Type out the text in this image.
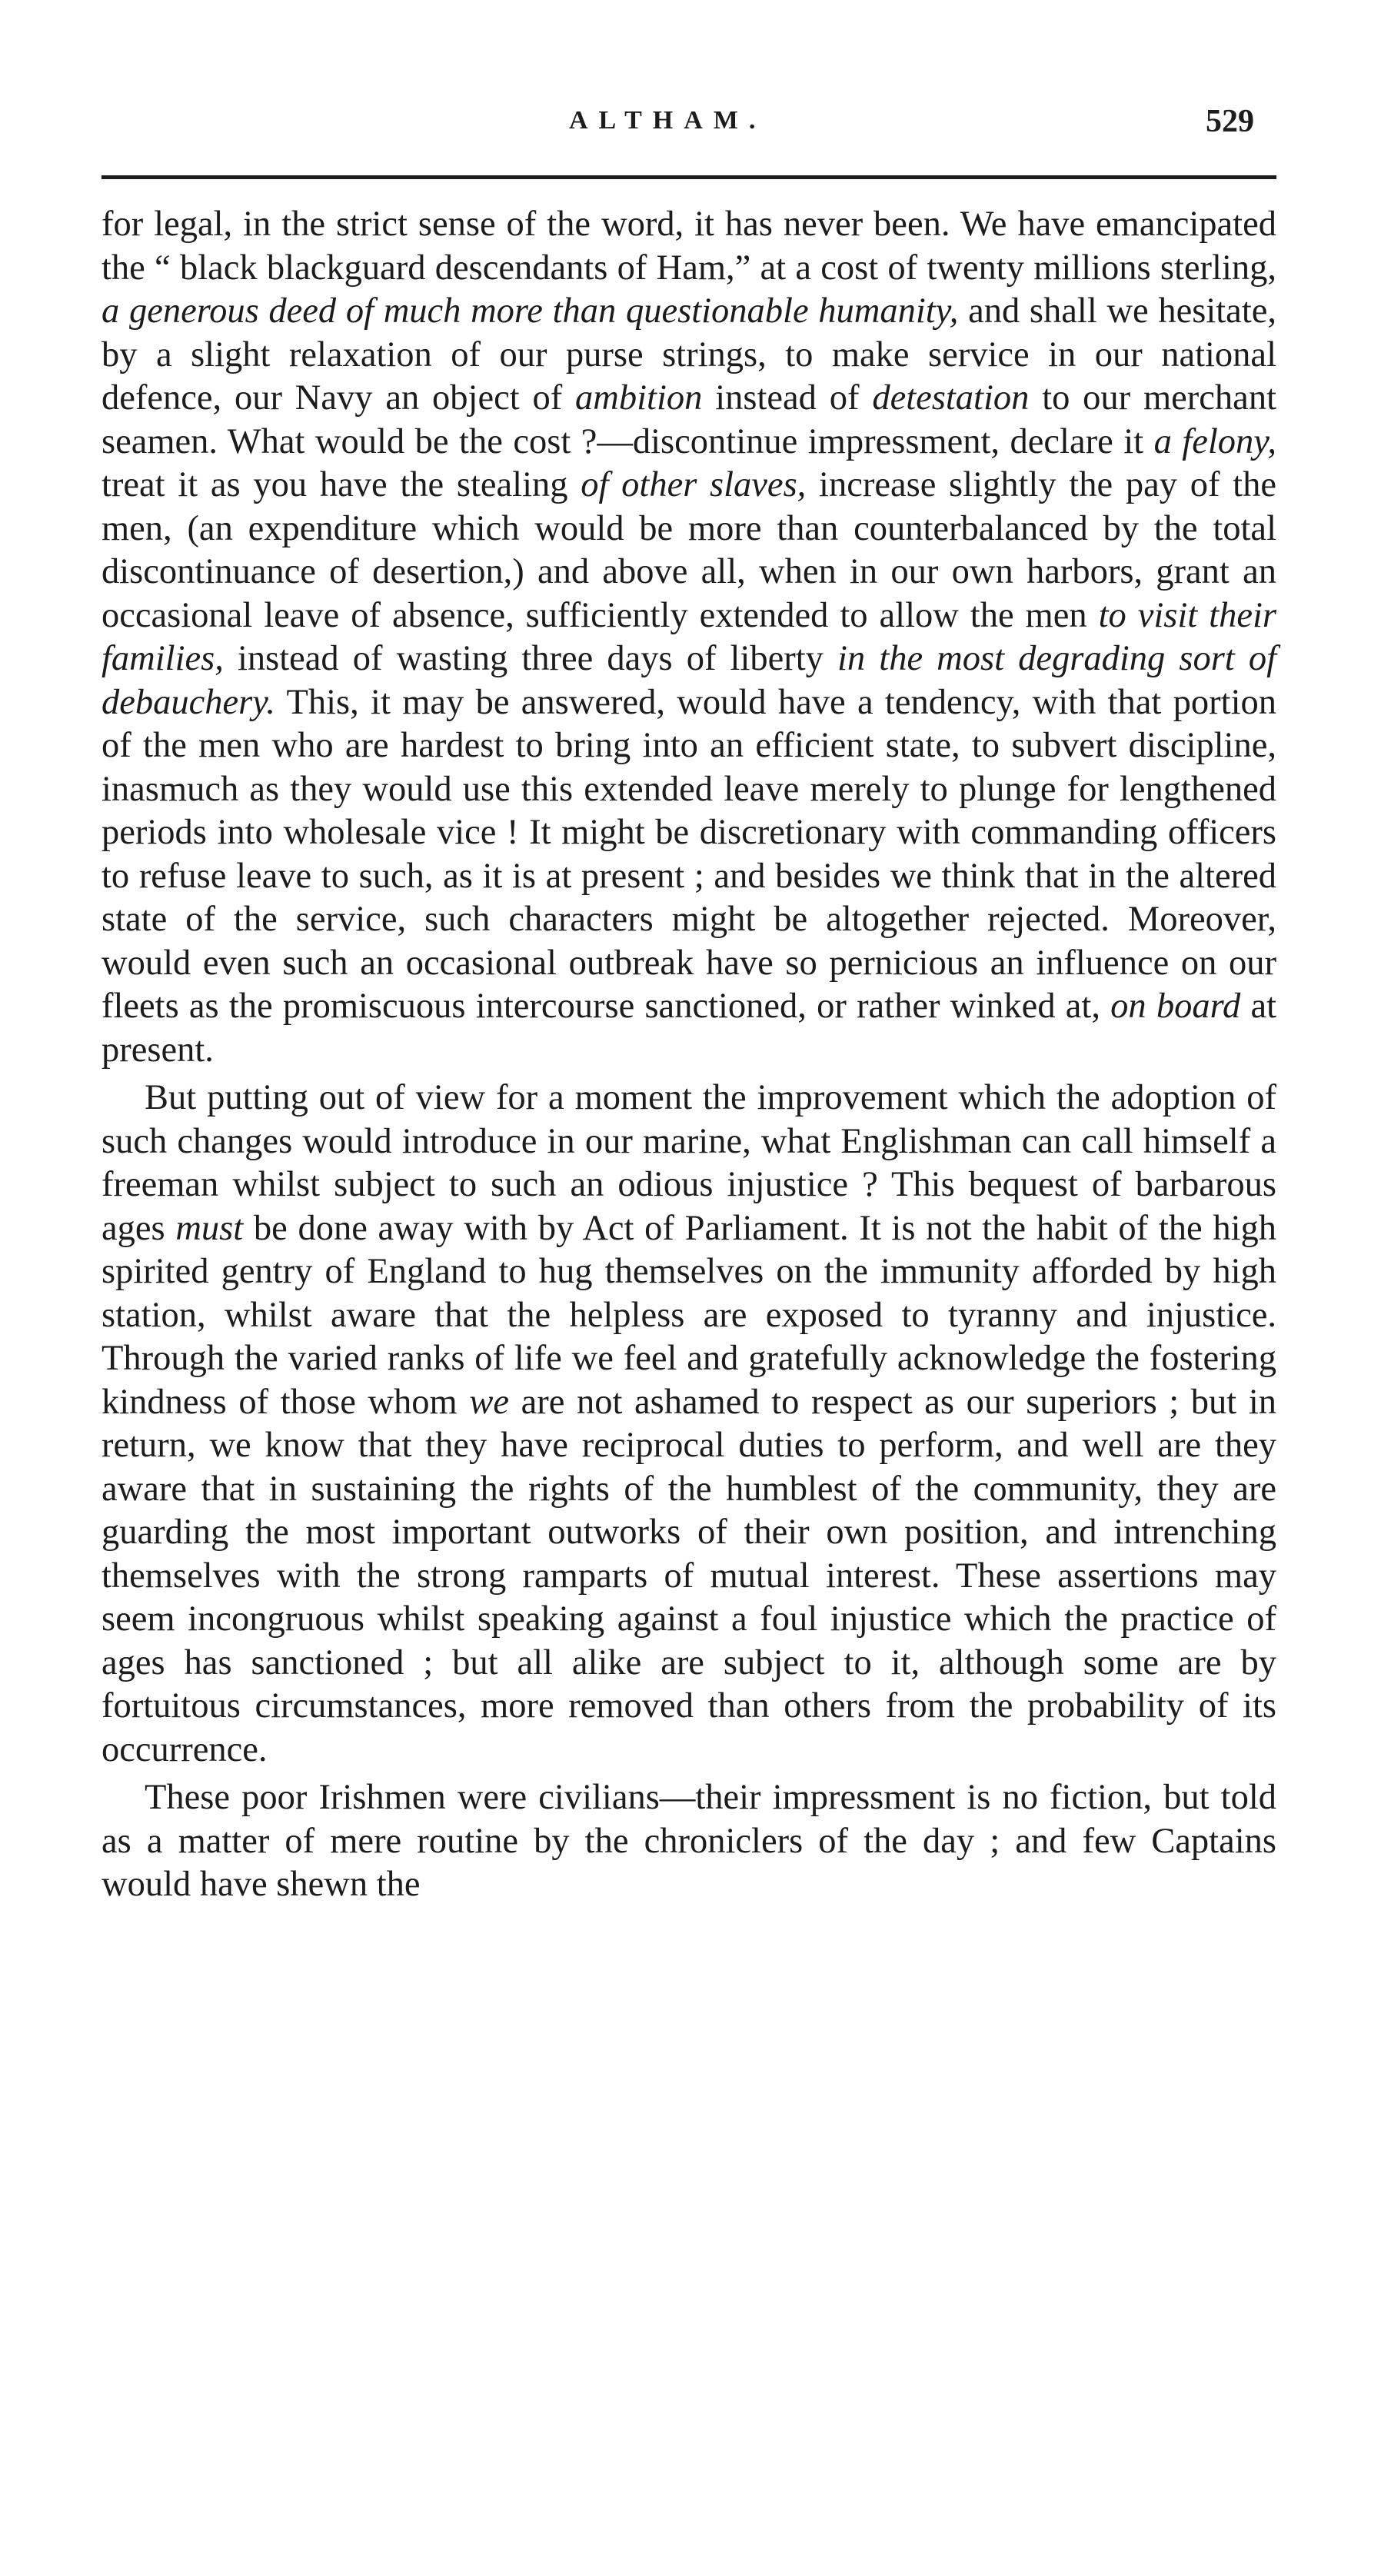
ALTHAM.	529

for legal, in the strict sense of the word, it has never been. We have emancipated the “ black blackguard descendants of Ham,” at a cost of twenty millions sterling, a generous deed of much more than questionable humanity, and shall we hesitate, by a slight relaxation of our purse strings, to make service in our national defence, our Navy an object of ambition instead of detestation to our merchant seamen. What would be the cost ?—discontinue impressment, declare it a felony, treat it as you have the stealing of other slaves, increase slightly the pay of the men, (an expenditure which would be more than counterbalanced by the total discontinuance of desertion,) and above all, when in our own harbors, grant an occasional leave of absence, sufficiently extended to allow the men to visit their families, instead of wasting three days of liberty in the most degrading sort of debauchery. This, it may be answered, would have a tendency, with that portion of the men who are hardest to bring into an efficient state, to subvert discipline, inasmuch as they would use this extended leave merely to plunge for lengthened periods into wholesale vice ! It might be discretionary with commanding officers to refuse leave to such, as it is at present ; and besides we think that in the altered state of the service, such characters might be altogether rejected. Moreover, would even such an occasional outbreak have so pernicious an influence on our fleets as the promiscuous intercourse sanctioned, or rather winked at, on board at present.

But putting out of view for a moment the improvement which the adoption of such changes would introduce in our marine, what Englishman can call himself a freeman whilst subject to such an odious injustice ? This bequest of barbarous ages must be done away with by Act of Parliament. It is not the habit of the high spirited gentry of England to hug themselves on the immunity afforded by high station, whilst aware that the helpless are exposed to tyranny and injustice. Through the varied ranks of life we feel and gratefully acknowledge the fostering kindness of those whom we are not ashamed to respect as our superiors ; but in return, we know that they have reciprocal duties to perform, and well are they aware that in sustaining the rights of the humblest of the community, they are guarding the most important outworks of their own position, and intrenching themselves with the strong ramparts of mutual interest. These assertions may seem incongruous whilst speaking against a foul injustice which the practice of ages has sanctioned ; but all alike are subject to it, although some are by fortuitous circumstances, more removed than others from the probability of its occurrence.

These poor Irishmen were civilians—their impressment is no fiction, but told as a matter of mere routine by the chroniclers of the day ; and few Captains would have shewn the
